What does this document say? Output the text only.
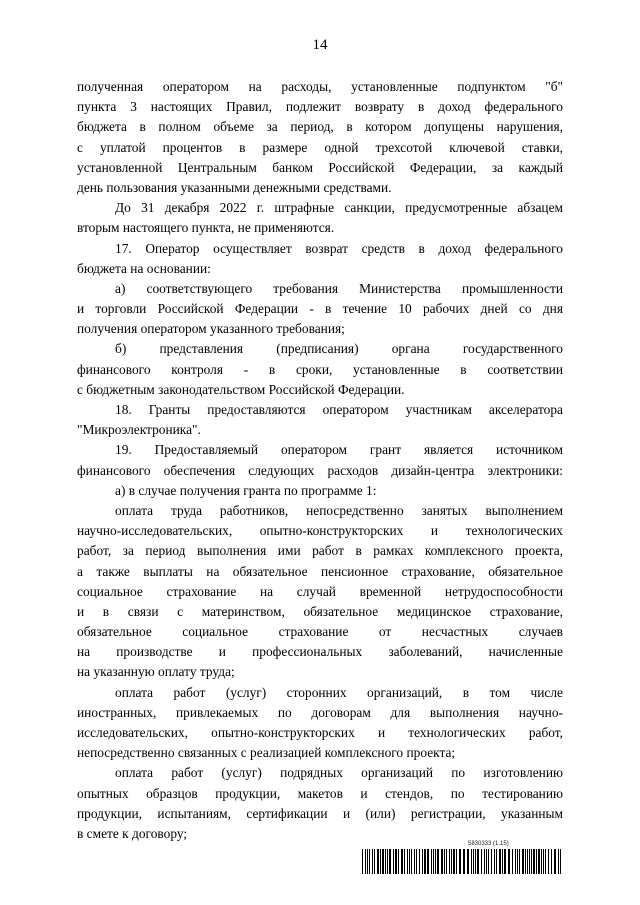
14
полученная оператором на расходы, установленные подпунктом "б"
пункта 3 настоящих Правил, подлежит возврату в доход федерального
бюджета в полном объеме за период, в котором допущены нарушения,
с уплатой процентов в размере одной трехсотой ключевой ставки,
установленной Центральным банком Российской Федерации, за каждый
день пользования указанными денежными средствами.
До 31 декабря 2022 г. штрафные санкции, предусмотренные абзацем
вторым настоящего пункта, не применяются.
17. Оператор осуществляет возврат средств в доход федерального
бюджета на основании:
а) соответствующего требования Министерства промышленности
и торговли Российской Федерации - в течение 10 рабочих дней со дня
получения оператором указанного требования;
б) представления (предписания) органа государственного
финансового контроля - в сроки, установленные в соответствии
с бюджетным законодательством Российской Федерации.
18. Гранты предоставляются оператором участникам акселератора
"Микроэлектроника".
19. Предоставляемый оператором грант является источником
финансового обеспечения следующих расходов дизайн-центра электроники:
а) в случае получения гранта по программе 1:
оплата труда работников, непосредственно занятых выполнением
научно-исследовательских, опытно-конструкторских и технологических
работ, за период выполнения ими работ в рамках комплексного проекта,
а также выплаты на обязательное пенсионное страхование, обязательное
социальное страхование на случай временной нетрудоспособности
и в связи с материнством, обязательное медицинское страхование,
обязательное социальное страхование от несчастных случаев
на производстве и профессиональных заболеваний, начисленные
на указанную оплату труда;
оплата работ (услуг) сторонних организаций, в том числе
иностранных, привлекаемых по договорам для выполнения научно-
исследовательских, опытно-конструкторских и технологических работ,
непосредственно связанных с реализацией комплексного проекта;
оплата работ (услуг) подрядных организаций по изготовлению
опытных образцов продукции, макетов и стендов, по тестированию
продукции, испытаниям, сертификации и (или) регистрации, указанным
в смете к договору;
5830333 (1.15)
